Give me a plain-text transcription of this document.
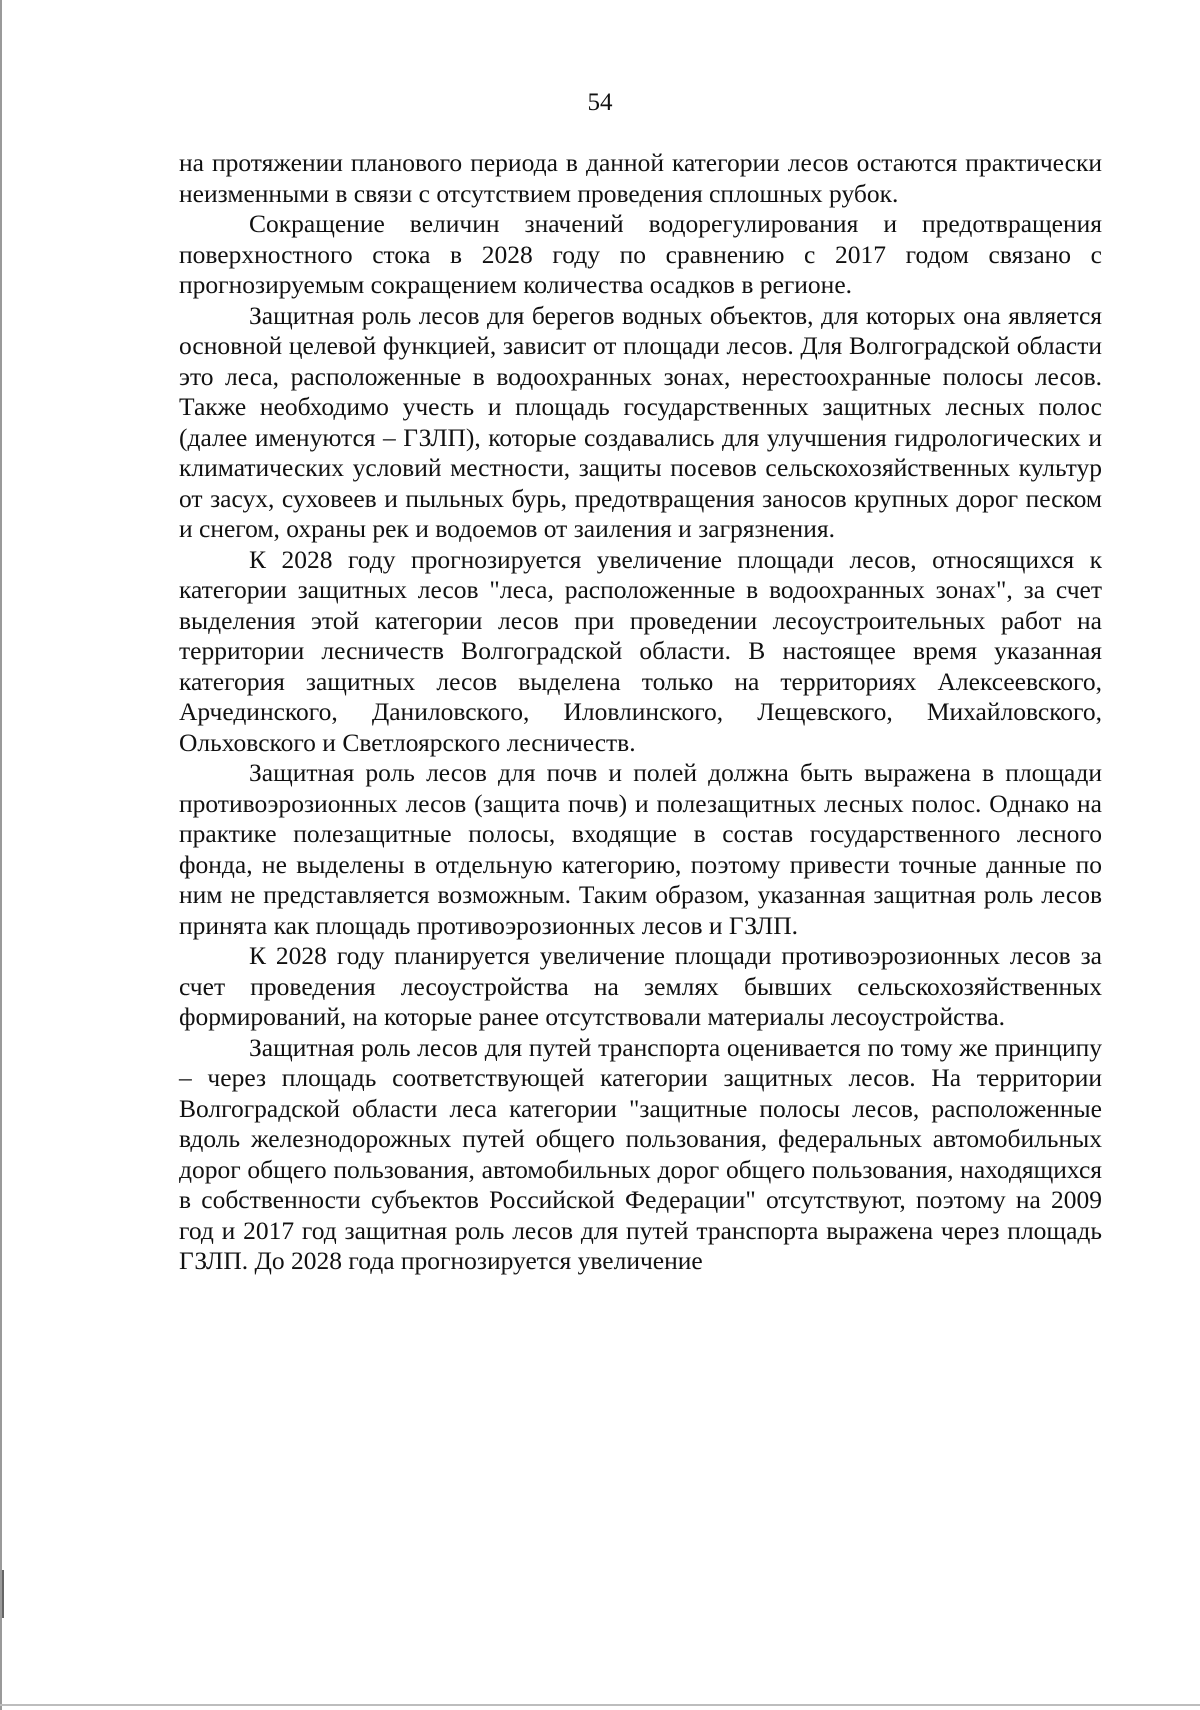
54

на протяжении планового периода в данной категории лесов остаются практически неизменными в связи с отсутствием проведения сплошных рубок.

Сокращение величин значений водорегулирования и предотвращения поверхностного стока в 2028 году по сравнению с 2017 годом связано с прогнозируемым сокращением количества осадков в регионе.

Защитная роль лесов для берегов водных объектов, для которых она является основной целевой функцией, зависит от площади лесов. Для Волгоградской области это леса, расположенные в водоохранных зонах, нерестоохранные полосы лесов. Также необходимо учесть и площадь государственных защитных лесных полос (далее именуются – ГЗЛП), которые создавались для улучшения гидрологических и климатических условий местности, защиты посевов сельскохозяйственных культур от засух, суховеев и пыльных бурь, предотвращения заносов крупных дорог песком и снегом, охраны рек и водоемов от заиления и загрязнения.

К 2028 году прогнозируется увеличение площади лесов, относящихся к категории защитных лесов "леса, расположенные в водоохранных зонах", за счет выделения этой категории лесов при проведении лесоустроительных работ на территории лесничеств Волгоградской области. В настоящее время указанная категория защитных лесов выделена только на территориях Алексеевского, Арчединского, Даниловского, Иловлинского, Лещевского, Михайловского, Ольховского и Светлоярского лесничеств.

Защитная роль лесов для почв и полей должна быть выражена в площади противоэрозионных лесов (защита почв) и полезащитных лесных полос. Однако на практике полезащитные полосы, входящие в состав государственного лесного фонда, не выделены в отдельную категорию, поэтому привести точные данные по ним не представляется возможным. Таким образом, указанная защитная роль лесов принята как площадь противоэрозионных лесов и ГЗЛП.

К 2028 году планируется увеличение площади противоэрозионных лесов за счет проведения лесоустройства на землях бывших сельскохозяйственных формирований, на которые ранее отсутствовали материалы лесоустройства.

Защитная роль лесов для путей транспорта оценивается по тому же принципу – через площадь соответствующей категории защитных лесов. На территории Волгоградской области леса категории "защитные полосы лесов, расположенные вдоль железнодорожных путей общего пользования, федеральных автомобильных дорог общего пользования, автомобильных дорог общего пользования, находящихся в собственности субъектов Российской Федерации" отсутствуют, поэтому на 2009 год и 2017 год защитная роль лесов для путей транспорта выражена через площадь ГЗЛП. До 2028 года прогнозируется увеличение
